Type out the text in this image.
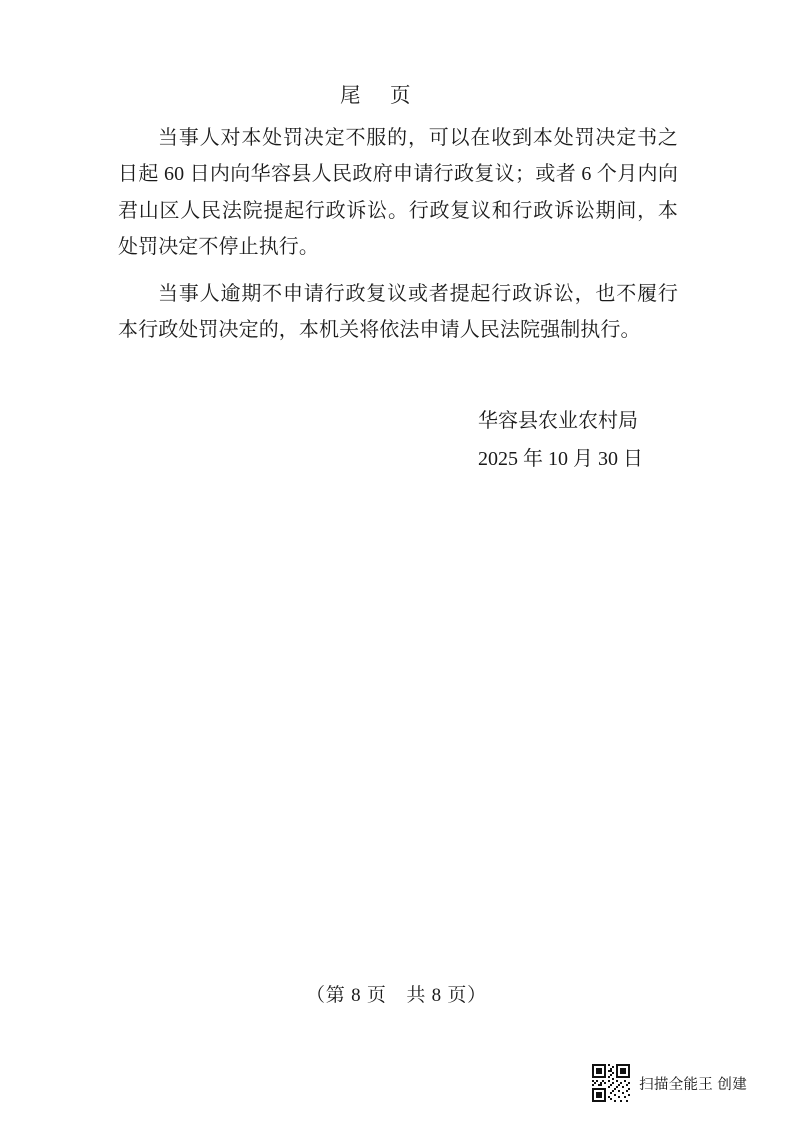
尾　页

当事人对本处罚决定不服的，可以在收到本处罚决定书之日起 60 日内向华容县人民政府申请行政复议；或者 6 个月内向君山区人民法院提起行政诉讼。行政复议和行政诉讼期间，本处罚决定不停止执行。

当事人逾期不申请行政复议或者提起行政诉讼，也不履行本行政处罚决定的，本机关将依法申请人民法院强制执行。

华容县农业农村局
2025 年 10 月 30 日
（第 8 页　共 8 页）
扫描全能王 创建
